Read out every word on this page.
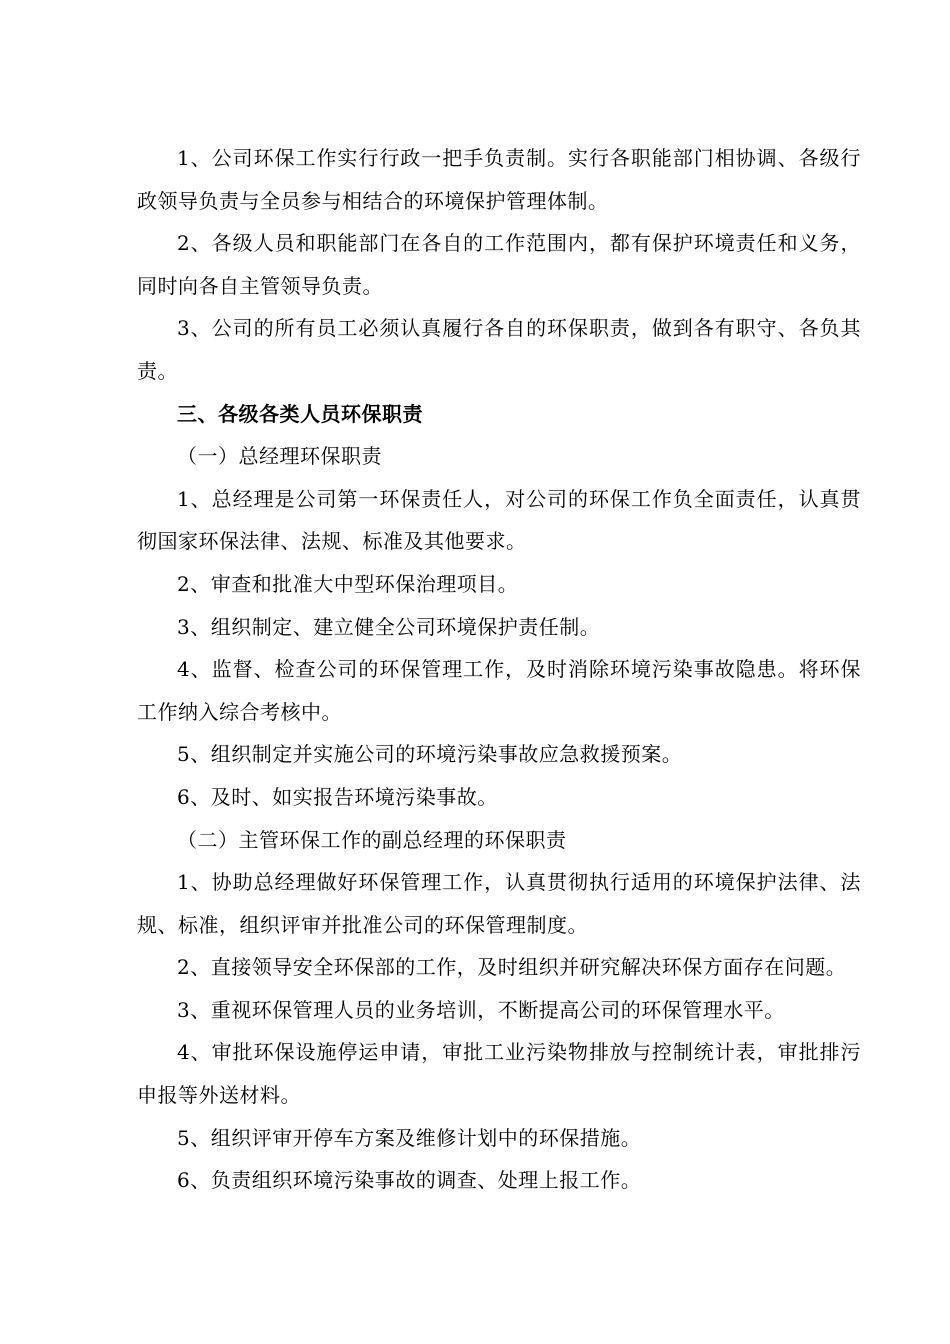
1、公司环保工作实行行政一把手负责制。实行各职能部门相协调、各级行政领导负责与全员参与相结合的环境保护管理体制。

2、各级人员和职能部门在各自的工作范围内，都有保护环境责任和义务，同时向各自主管领导负责。

3、公司的所有员工必须认真履行各自的环保职责，做到各有职守、各负其责。

三、各级各类人员环保职责

（一）总经理环保职责

1、总经理是公司第一环保责任人，对公司的环保工作负全面责任，认真贯彻国家环保法律、法规、标准及其他要求。

2、审查和批准大中型环保治理项目。

3、组织制定、建立健全公司环境保护责任制。

4、监督、检查公司的环保管理工作，及时消除环境污染事故隐患。将环保工作纳入综合考核中。

5、组织制定并实施公司的环境污染事故应急救援预案。

6、及时、如实报告环境污染事故。

（二）主管环保工作的副总经理的环保职责

1、协助总经理做好环保管理工作，认真贯彻执行适用的环境保护法律、法规、标准，组织评审并批准公司的环保管理制度。

2、直接领导安全环保部的工作，及时组织并研究解决环保方面存在问题。

3、重视环保管理人员的业务培训，不断提高公司的环保管理水平。

4、审批环保设施停运申请，审批工业污染物排放与控制统计表，审批排污申报等外送材料。

5、组织评审开停车方案及维修计划中的环保措施。

6、负责组织环境污染事故的调查、处理上报工作。
